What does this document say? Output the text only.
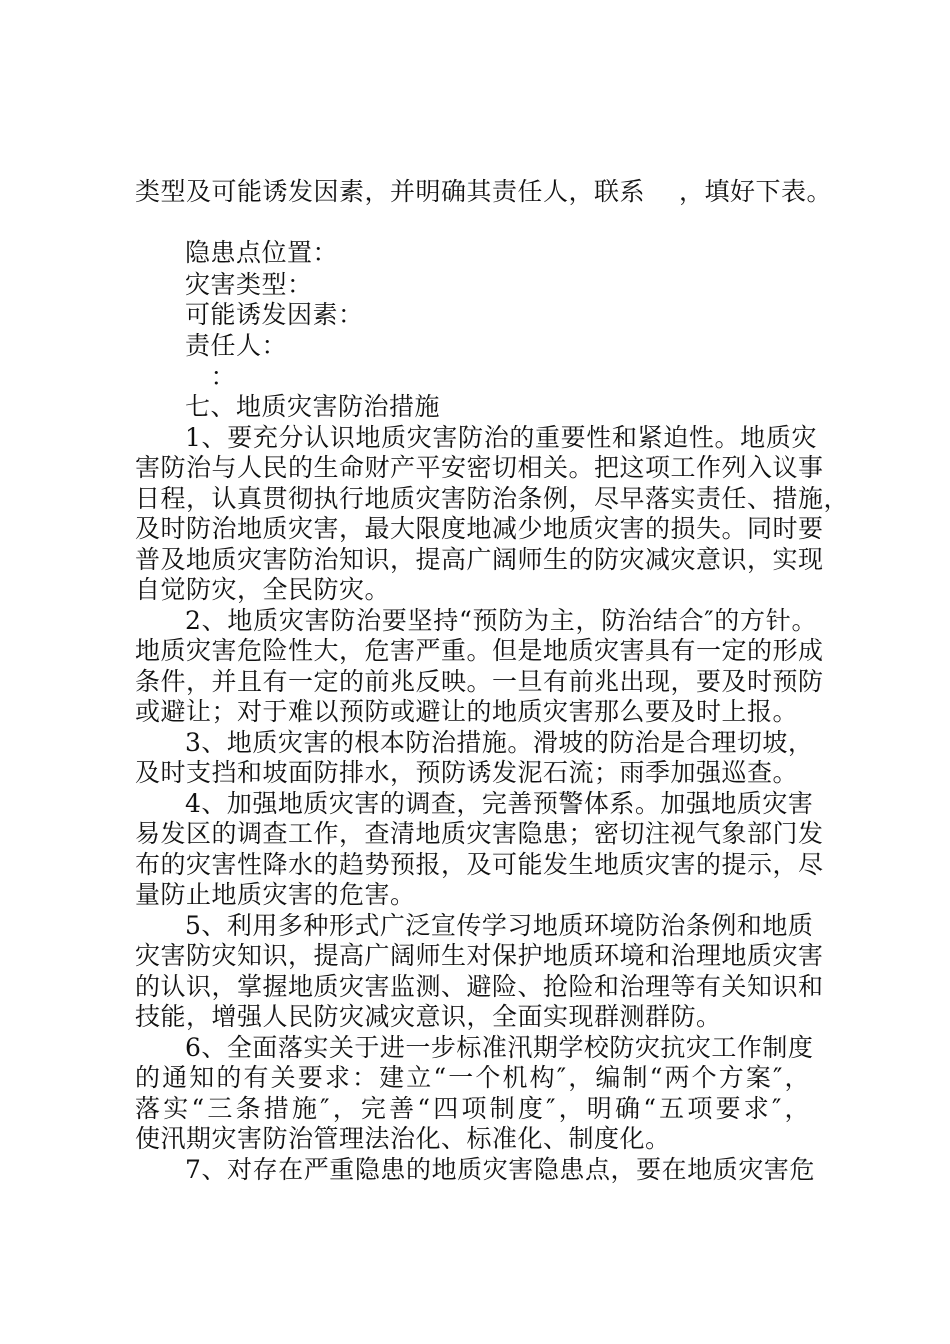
类型及可能诱发因素，并明确其责任人，联系　 ，填好下表。
隐患点位置：
灾害类型：
可能诱发因素：
责任人：
　：
七、地质灾害防治措施
1、要充分认识地质灾害防治的重要性和紧迫性。地质灾
害防治与人民的生命财产平安密切相关。把这项工作列入议事
日程，认真贯彻执行地质灾害防治条例，尽早落实责任、措施，
及时防治地质灾害，最大限度地减少地质灾害的损失。同时要
普及地质灾害防治知识，提高广阔师生的防灾减灾意识，实现
自觉防灾，全民防灾。
2、地质灾害防治要坚持“预防为主，防治结合″的方针。
地质灾害危险性大，危害严重。但是地质灾害具有一定的形成
条件，并且有一定的前兆反映。一旦有前兆出现，要及时预防
或避让；对于难以预防或避让的地质灾害那么要及时上报。
3、地质灾害的根本防治措施。滑坡的防治是合理切坡，
及时支挡和坡面防排水，预防诱发泥石流；雨季加强巡查。
4、加强地质灾害的调查，完善预警体系。加强地质灾害
易发区的调查工作，查清地质灾害隐患；密切注视气象部门发
布的灾害性降水的趋势预报，及可能发生地质灾害的提示，尽
量防止地质灾害的危害。
5、利用多种形式广泛宣传学习地质环境防治条例和地质
灾害防灾知识，提高广阔师生对保护地质环境和治理地质灾害
的认识，掌握地质灾害监测、避险、抢险和治理等有关知识和
技能，增强人民防灾减灾意识，全面实现群测群防。
6、全面落实关于进一步标准汛期学校防灾抗灾工作制度
的通知的有关要求：建立“一个机构″，编制“两个方案″，
落实“三条措施″，完善“四项制度″，明确“五项要求″，
使汛期灾害防治管理法治化、标准化、制度化。
7、对存在严重隐患的地质灾害隐患点，要在地质灾害危
